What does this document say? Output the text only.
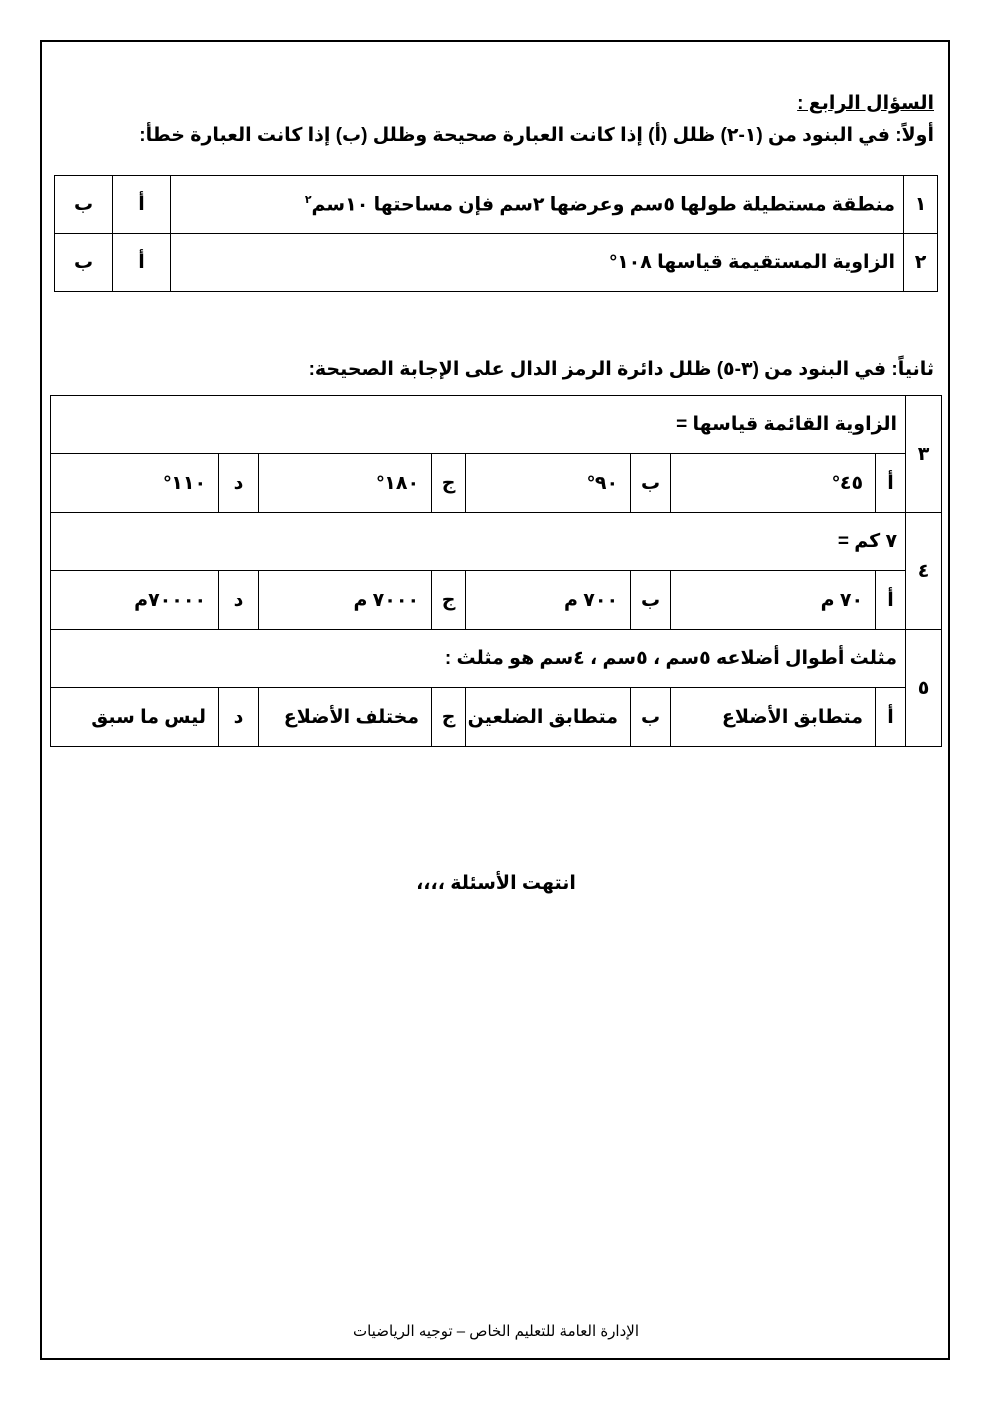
السؤال الرابع :
أولاً: في البنود من (١-٢) ظلل (أ) إذا كانت العبارة صحيحة وظلل (ب) إذا كانت العبارة خطأ:
١	منطقة مستطيلة طولها ٥سم وعرضها ٢سم فإن مساحتها ١٠سم$^٢$	أ	ب
٢	الزاوية المستقيمة قياسها ١٠٨°	أ	ب
ثانياً: في البنود من (٣-٥) ظلل دائرة الرمز الدال على الإجابة الصحيحة:
٣	الزاوية القائمة قياسها =							
	أ	٤٥°	ب	٩٠°	ج	١٨٠°	د	١١٠°
٤	٧ كم =							
	أ	٧٠ م	ب	٧٠٠ م	ج	٧٠٠٠ م	د	٧٠٠٠٠م
٥	مثلث أطوال أضلاعه ٥سم ، ٥سم ، ٤سم هو مثلث :							
	أ	متطابق الأضلاع	ب	متطابق الضلعين	ج	مختلف الأضلاع	د	ليس ما سبق
انتهت الأسئلة ،،،،
الإدارة العامة للتعليم الخاص – توجيه الرياضيات
